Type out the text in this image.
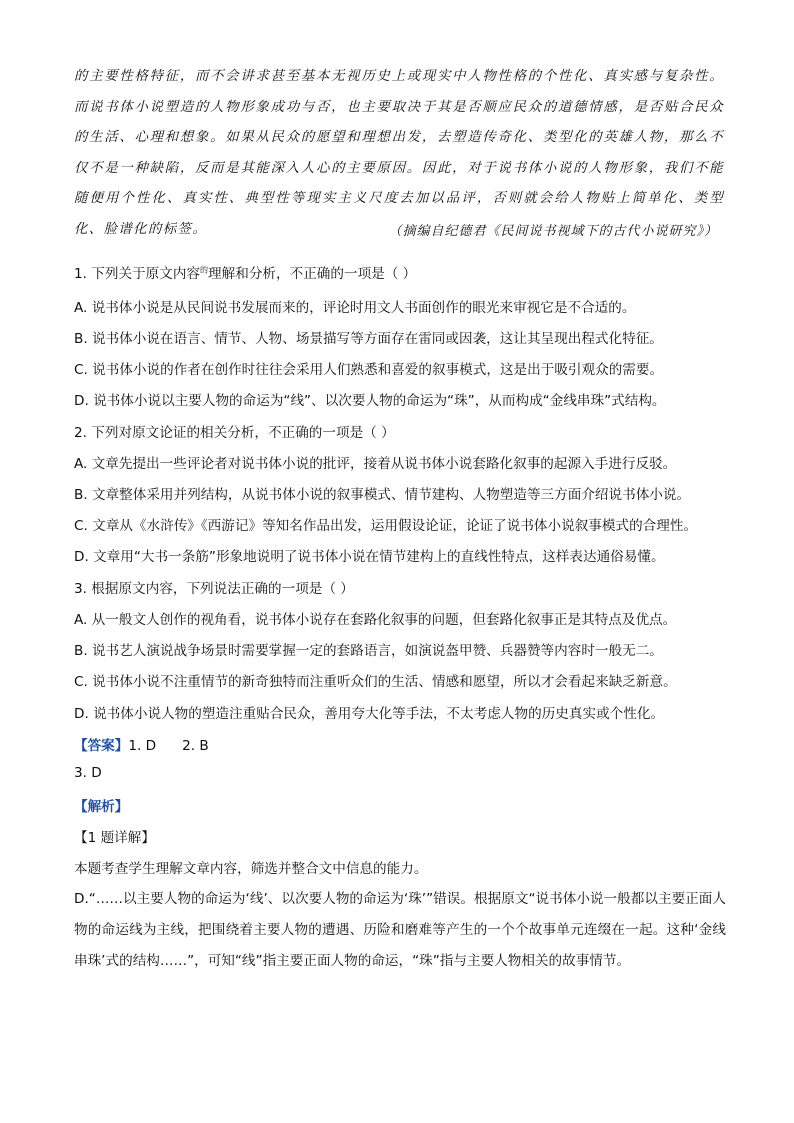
的主要性格特征，而不会讲求甚至基本无视历史上或现实中人物性格的个性化、真实感与复杂性。而说书体小说塑造的人物形象成功与否，也主要取决于其是否顺应民众的道德情感，是否贴合民众的生活、心理和想象。如果从民众的愿望和理想出发，去塑造传奇化、类型化的英雄人物，那么不仅不是一种缺陷，反而是其能深入人心的主要原因。因此，对于说书体小说的人物形象，我们不能随便用个性化、真实性、典型性等现实主义尺度去加以品评，否则就会给人物贴上简单化、类型化、脸谱化的标签。	（摘编自纪德君《民间说书视域下的古代小说研究》）

1. 下列关于原文内容$^的$理解和分析，不正确的一项是（ ）

A. 说书体小说是从民间说书发展而来的，评论时用文人书面创作的眼光来审视它是不合适的。

B. 说书体小说在语言、情节、人物、场景描写等方面存在雷同或因袭，这让其呈现出程式化特征。

C. 说书体小说的作者在创作时往往会采用人们熟悉和喜爱的叙事模式，这是出于吸引观众的需要。

D. 说书体小说以主要人物的命运为“线”、以次要人物的命运为“珠”，从而构成“金线串珠”式结构。

2. 下列对原文论证的相关分析，不正确的一项是（ ）

A. 文章先提出一些评论者对说书体小说的批评，接着从说书体小说套路化叙事的起源入手进行反驳。

B. 文章整体采用并列结构，从说书体小说的叙事模式、情节建构、人物塑造等三方面介绍说书体小说。

C. 文章从《水浒传》《西游记》等知名作品出发，运用假设论证，论证了说书体小说叙事模式的合理性。

D. 文章用“大书一条筋”形象地说明了说书体小说在情节建构上的直线性特点，这样表达通俗易懂。

3. 根据原文内容，下列说法正确的一项是（ ）

A. 从一般文人创作的视角看，说书体小说存在套路化叙事的问题，但套路化叙事正是其特点及优点。

B. 说书艺人演说战争场景时需要掌握一定的套路语言，如演说盔甲赞、兵器赞等内容时一般无二。

C. 说书体小说不注重情节的新奇独特而注重听众们的生活、情感和愿望，所以才会看起来缺乏新意。

D. 说书体小说人物的塑造注重贴合民众，善用夸大化等手法，不太考虑人物的历史真实或个性化。

【答案】1. D 2. B

3. D

【解析】

【1 题详解】

本题考查学生理解文章内容，筛选并整合文中信息的能力。

D.“……以主要人物的命运为‘线’、以次要人物的命运为‘珠’”错误。根据原文“说书体小说一般都以主要正面人物的命运线为主线，把围绕着主要人物的遭遇、历险和磨难等产生的一个个故事单元连缀在一起。这种‘金线串珠’式的结构……”，可知“线”指主要正面人物的命运，“珠”指与主要人物相关的故事情节。
